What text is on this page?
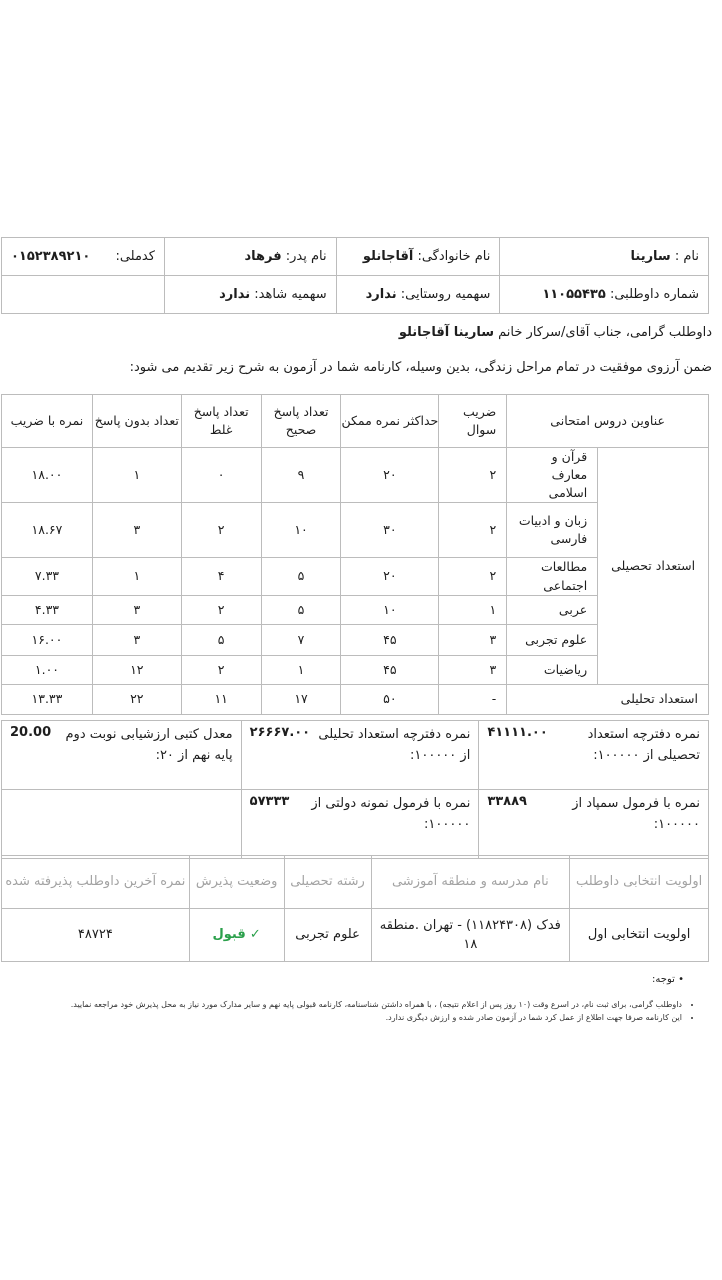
نام : سارینا	نام خانوادگی: آقاجانلو	نام پدر: فرهاد	کدملی:
۰۱۵۲۳۸۹۲۱۰

شماره داوطلبی: ۱۱۰۵۵۴۳۵	سهمیه روستایی: ندارد	سهمیه شاهد: ندارد	
داوطلب گرامی، جناب آقای/سرکار خانم سارینا آقاجانلو
ضمن آرزوی موفقیت در تمام مراحل زندگی، بدین وسیله، کارنامه شما در آزمون به شرح زیر تقدیم می شود:
عناوین دروس امتحانی		ضریب سوال	حداکثر نمره ممکن	تعداد پاسخ صحیح	تعداد پاسخ غلط	تعداد بدون پاسخ	نمره با ضریب
استعداد تحصیلی	قرآن و معارف اسلامی	۲	۲۰	۹	۰	۱	۱۸.۰۰
	زبان و ادبیات فارسی	۲	۳۰	۱۰	۲	۳	۱۸.۶۷
	مطالعات اجتماعی	۲	۲۰	۵	۴	۱	۷.۳۳
	عربی	۱	۱۰	۵	۲	۳	۴.۳۳
	علوم تجربی	۳	۴۵	۷	۵	۳	۱۶.۰۰
	ریاضیات	۳	۴۵	۱	۲	۱۲	۱.۰۰
استعداد تحلیلی		-	۵۰	۱۷	۱۱	۲۲	۱۳.۳۳
نمره دفترچه استعداد تحصیلی از ۱۰۰۰۰۰:
۴۱۱۱۱.۰۰	نمره دفترچه استعداد تحلیلی از ۱۰۰۰۰۰:
۲۶۶۶۷.۰۰	معدل کتبی ارزشیابی نوبت دوم پایه نهم از ۲۰:
20.00

نمره با فرمول سمپاد از ۱۰۰۰۰۰:
۳۳۸۸۹	نمره با فرمول نمونه دولتی از ۱۰۰۰۰۰:
۵۷۳۳۳	

اولویت انتخابی داوطلب	نام مدرسه و منطقه آموزشی	رشته تحصیلی	وضعیت پذیرش	نمره آخرین داوطلب پذیرفته شده
اولویت انتخابی اول	فدک (۱۱۸۲۴۳۰۸) - تهران .منطقه ۱۸	علوم تجربی	✓ قبول	۴۸۷۲۴
• توجه:
• داوطلب گرامی، برای ثبت نام، در اسرع وقت (۱۰ روز پس از اعلام نتیجه) ، با همراه داشتن شناسنامه، کارنامه قبولی پایه نهم و سایر مدارک مورد نیاز به محل پذیرش خود مراجعه نمایید.
• این کارنامه صرفا جهت اطلاع از عمل کرد شما در آزمون صادر شده و ارزش دیگری ندارد.
